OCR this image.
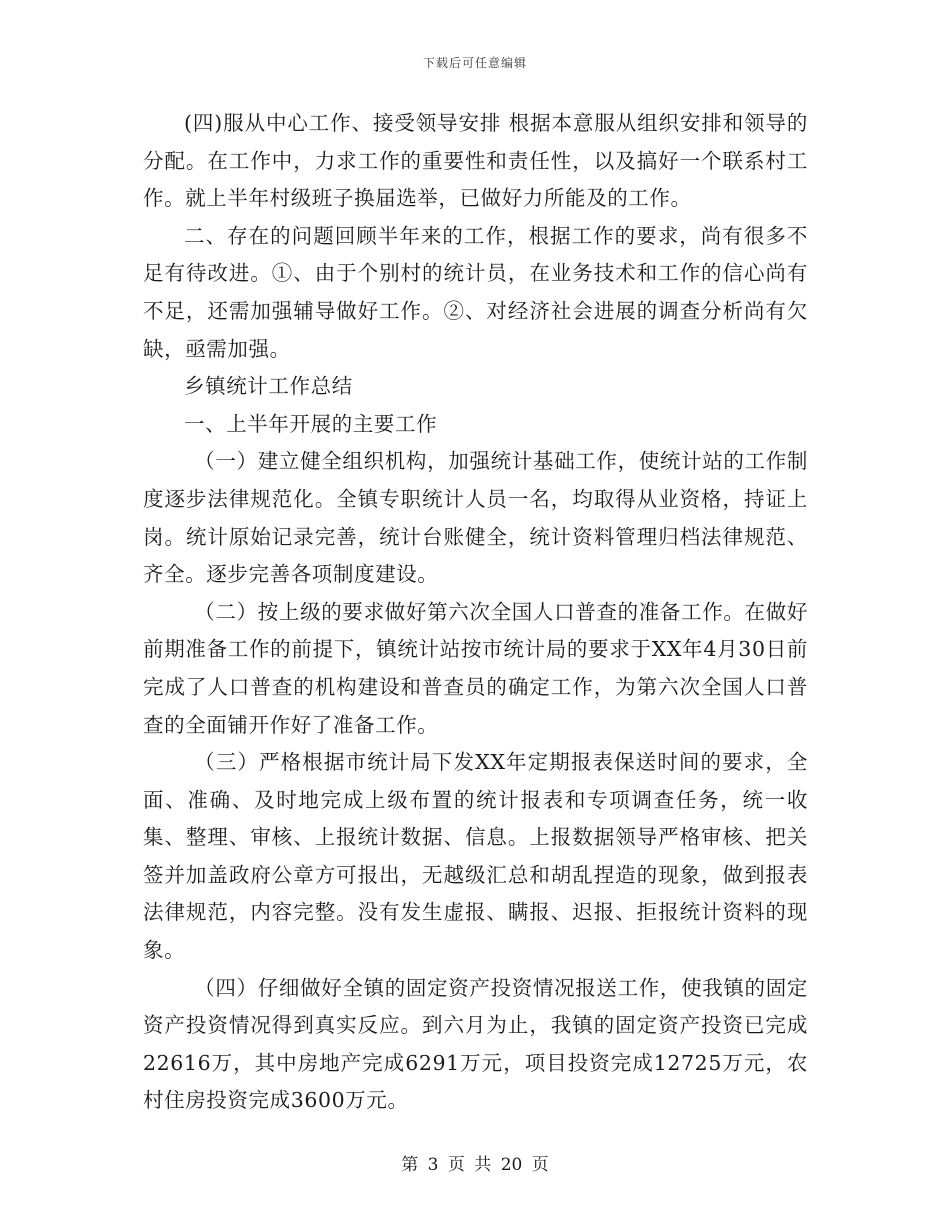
下载后可任意编辑

(四)服从中心工作、接受领导安排 根据本意服从组织安排和领导的分配。在工作中，力求工作的重要性和责任性，以及搞好一个联系村工作。就上半年村级班子换届选举，已做好力所能及的工作。

二、存在的问题回顾半年来的工作，根据工作的要求，尚有很多不足有待改进。①、由于个别村的统计员，在业务技术和工作的信心尚有不足，还需加强辅导做好工作。②、对经济社会进展的调查分析尚有欠缺，亟需加强。

乡镇统计工作总结

一、上半年开展的主要工作

（一）建立健全组织机构，加强统计基础工作，使统计站的工作制度逐步法律规范化。全镇专职统计人员一名，均取得从业资格，持证上岗。统计原始记录完善，统计台账健全，统计资料管理归档法律规范、齐全。逐步完善各项制度建设。

（二）按上级的要求做好第六次全国人口普查的准备工作。在做好前期准备工作的前提下，镇统计站按市统计局的要求于XX年4月30日前完成了人口普查的机构建设和普查员的确定工作，为第六次全国人口普查的全面铺开作好了准备工作。

（三）严格根据市统计局下发XX年定期报表保送时间的要求，全面、准确、及时地完成上级布置的统计报表和专项调查任务，统一收集、整理、审核、上报统计数据、信息。上报数据领导严格审核、把关签并加盖政府公章方可报出，无越级汇总和胡乱捏造的现象，做到报表法律规范，内容完整。没有发生虚报、瞒报、迟报、拒报统计资料的现象。

（四）仔细做好全镇的固定资产投资情况报送工作，使我镇的固定资产投资情况得到真实反应。到六月为止，我镇的固定资产投资已完成22616万，其中房地产完成6291万元，项目投资完成12725万元，农村住房投资完成3600万元。

第 3 页 共 20 页
